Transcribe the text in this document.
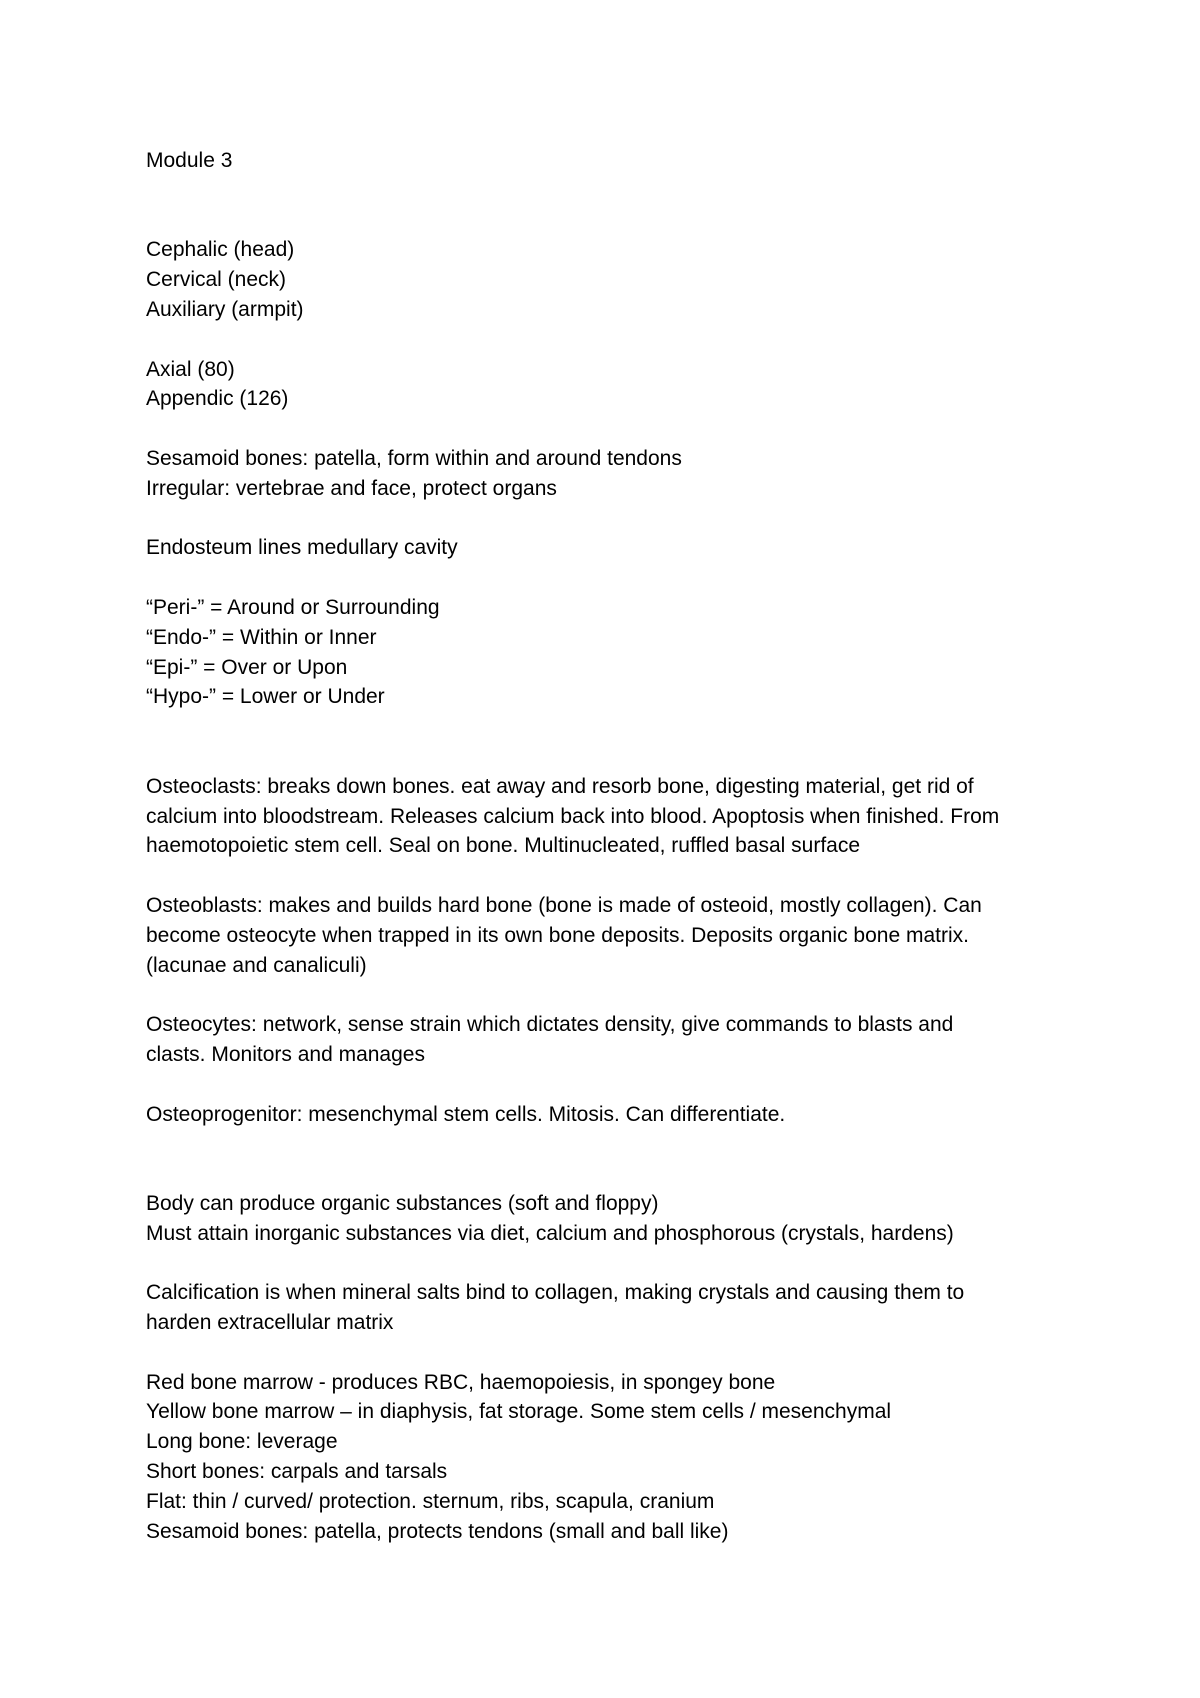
Module 3

Cephalic (head)

Cervical (neck)

Auxiliary (armpit)

Axial (80)

Appendic (126)

Sesamoid bones: patella, form within and around tendons

Irregular: vertebrae and face, protect organs

Endosteum lines medullary cavity

“Peri-” = Around or Surrounding

“Endo-” = Within or Inner

“Epi-” = Over or Upon

“Hypo-” = Lower or Under

Osteoclasts: breaks down bones. eat away and resorb bone, digesting material, get rid of

calcium into bloodstream. Releases calcium back into blood. Apoptosis when finished. From

haemotopoietic stem cell. Seal on bone. Multinucleated, ruffled basal surface

Osteoblasts: makes and builds hard bone (bone is made of osteoid, mostly collagen). Can

become osteocyte when trapped in its own bone deposits. Deposits organic bone matrix.

(lacunae and canaliculi)

Osteocytes: network, sense strain which dictates density, give commands to blasts and

clasts. Monitors and manages

Osteoprogenitor: mesenchymal stem cells. Mitosis. Can differentiate.

Body can produce organic substances (soft and floppy)

Must attain inorganic substances via diet, calcium and phosphorous (crystals, hardens)

Calcification is when mineral salts bind to collagen, making crystals and causing them to

harden extracellular matrix

Red bone marrow - produces RBC, haemopoiesis, in spongey bone

Yellow bone marrow – in diaphysis, fat storage. Some stem cells / mesenchymal

Long bone: leverage

Short bones: carpals and tarsals

Flat: thin / curved/ protection. sternum, ribs, scapula, cranium

Sesamoid bones: patella, protects tendons (small and ball like)
